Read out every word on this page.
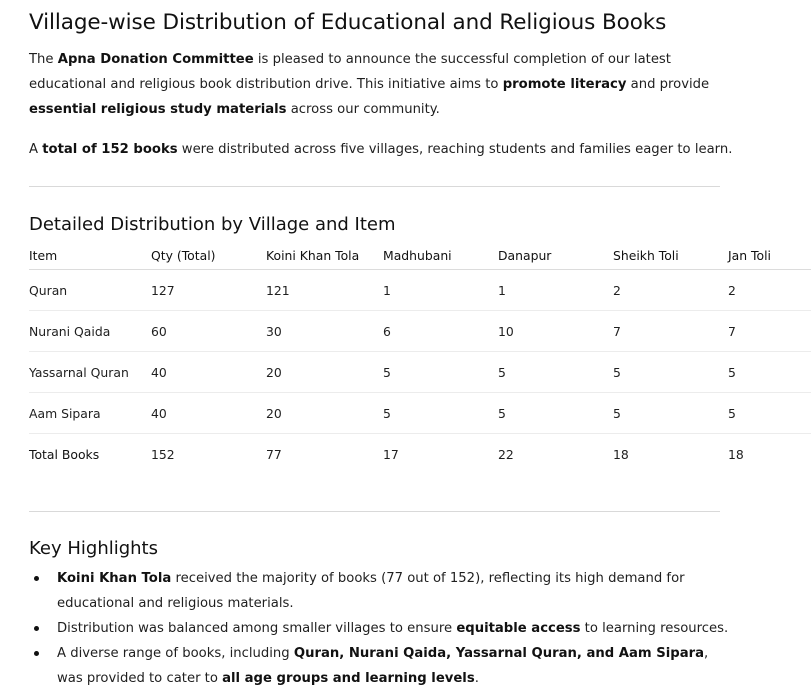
Village-wise Distribution of Educational and Religious Books

The Apna Donation Committee is pleased to announce the successful completion of our latest educational and religious book distribution drive. This initiative aims to promote literacy and provide essential religious study materials across our community.

A total of 152 books were distributed across five villages, reaching students and families eager to learn.

Detailed Distribution by Village and Item
Item	Qty (Total)	Koini Khan Tola	Madhubani	Danapur	Sheikh Toli	Jan Toli
Quran	127	121	1	1	2	2
Nurani Qaida	60	30	6	10	7	7
Yassarnal Quran	40	20	5	5	5	5
Aam Sipara	40	20	5	5	5	5
Total Books	152	77	17	22	18	18
Key Highlights
Koini Khan Tola received the majority of books (77 out of 152), reflecting its high demand for educational and religious materials.
Distribution was balanced among smaller villages to ensure equitable access to learning resources.
A diverse range of books, including Quran, Nurani Qaida, Yassarnal Quran, and Aam Sipara, was provided to cater to all age groups and learning levels.
